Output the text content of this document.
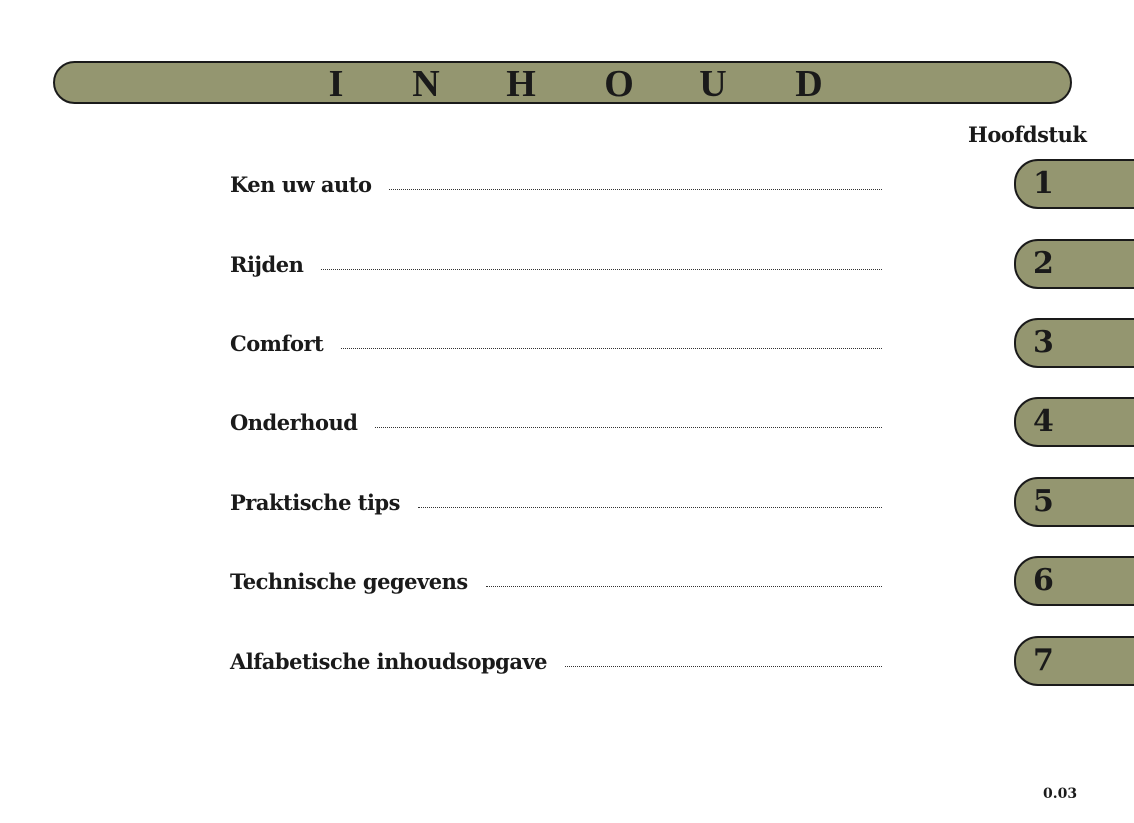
I N H O U D
Hoofdstuk
Ken uw auto	1
Rijden	2
Comfort	3
Onderhoud	4
Praktische tips	5
Technische gegevens	6
Alfabetische inhoudsopgave	7
0.03
